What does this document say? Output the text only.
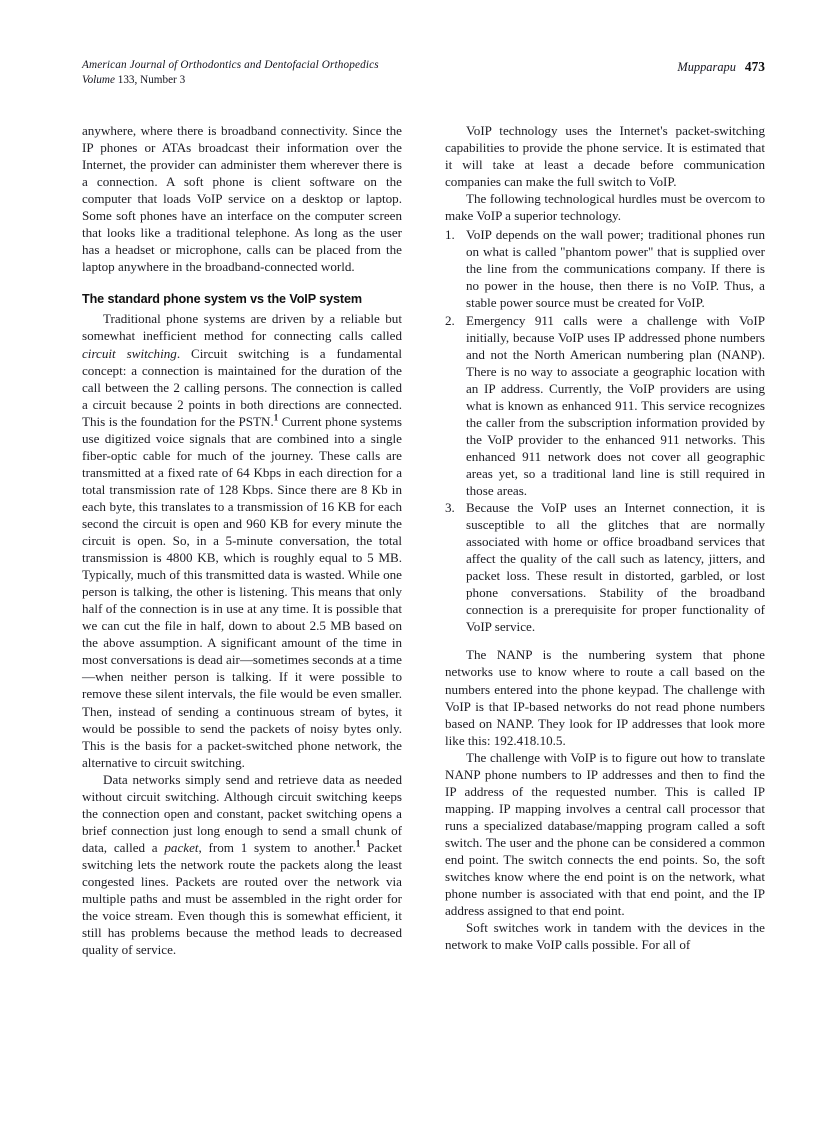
American Journal of Orthodontics and Dentofacial Orthopedics
Volume 133, Number 3
Mupparapu 473

anywhere, where there is broadband connectivity. Since the IP phones or ATAs broadcast their information over the Internet, the provider can administer them wherever there is a connection. A soft phone is client software on the computer that loads VoIP service on a desktop or laptop. Some soft phones have an interface on the computer screen that looks like a traditional telephone. As long as the user has a headset or microphone, calls can be placed from the laptop anywhere in the broadband-connected world.

The standard phone system vs the VoIP system

Traditional phone systems are driven by a reliable but somewhat inefficient method for connecting calls called circuit switching. Circuit switching is a fundamental concept: a connection is maintained for the duration of the call between the 2 calling persons. The connection is called a circuit because 2 points in both directions are connected. This is the foundation for the PSTN.$^1$ Current phone systems use digitized voice signals that are combined into a single fiber-optic cable for much of the journey. These calls are transmitted at a fixed rate of 64 Kbps in each direction for a total transmission rate of 128 Kbps. Since there are 8 Kb in each byte, this translates to a transmission of 16 KB for each second the circuit is open and 960 KB for every minute the circuit is open. So, in a 5-minute conversation, the total transmission is 4800 KB, which is roughly equal to 5 MB. Typically, much of this transmitted data is wasted. While one person is talking, the other is listening. This means that only half of the connection is in use at any time. It is possible that we can cut the file in half, down to about 2.5 MB based on the above assumption. A significant amount of the time in most conversations is dead air—sometimes seconds at a time—when neither person is talking. If it were possible to remove these silent intervals, the file would be even smaller. Then, instead of sending a continuous stream of bytes, it would be possible to send the packets of noisy bytes only. This is the basis for a packet-switched phone network, the alternative to circuit switching.

Data networks simply send and retrieve data as needed without circuit switching. Although circuit switching keeps the connection open and constant, packet switching opens a brief connection just long enough to send a small chunk of data, called a packet, from 1 system to another.$^1$ Packet switching lets the network route the packets along the least congested lines. Packets are routed over the network via multiple paths and must be assembled in the right order for the voice stream. Even though this is somewhat efficient, it still has problems because the method leads to decreased quality of service.

VoIP technology uses the Internet's packet-switching capabilities to provide the phone service. It is estimated that it will take at least a decade before communication companies can make the full switch to VoIP.

The following technological hurdles must be overcom to make VoIP a superior technology.

1. VoIP depends on the wall power; traditional phones run on what is called "phantom power" that is supplied over the line from the communications company. If there is no power in the house, then there is no VoIP. Thus, a stable power source must be created for VoIP.
2. Emergency 911 calls were a challenge with VoIP initially, because VoIP uses IP addressed phone numbers and not the North American numbering plan (NANP). There is no way to associate a geographic location with an IP address. Currently, the VoIP providers are using what is known as enhanced 911. This service recognizes the caller from the subscription information provided by the VoIP provider to the enhanced 911 networks. This enhanced 911 network does not cover all geographic areas yet, so a traditional land line is still required in those areas.
3. Because the VoIP uses an Internet connection, it is susceptible to all the glitches that are normally associated with home or office broadband services that affect the quality of the call such as latency, jitters, and packet loss. These result in distorted, garbled, or lost phone conversations. Stability of the broadband connection is a prerequisite for proper functionality of VoIP service.

The NANP is the numbering system that phone networks use to know where to route a call based on the numbers entered into the phone keypad. The challenge with VoIP is that IP-based networks do not read phone numbers based on NANP. They look for IP addresses that look more like this: 192.418.10.5.

The challenge with VoIP is to figure out how to translate NANP phone numbers to IP addresses and then to find the IP address of the requested number. This is called IP mapping. IP mapping involves a central call processor that runs a specialized database/mapping program called a soft switch. The user and the phone can be considered a common end point. The switch connects the end points. So, the soft switches know where the end point is on the network, what phone number is associated with that end point, and the IP address assigned to that end point.

Soft switches work in tandem with the devices in the network to make VoIP calls possible. For all of
